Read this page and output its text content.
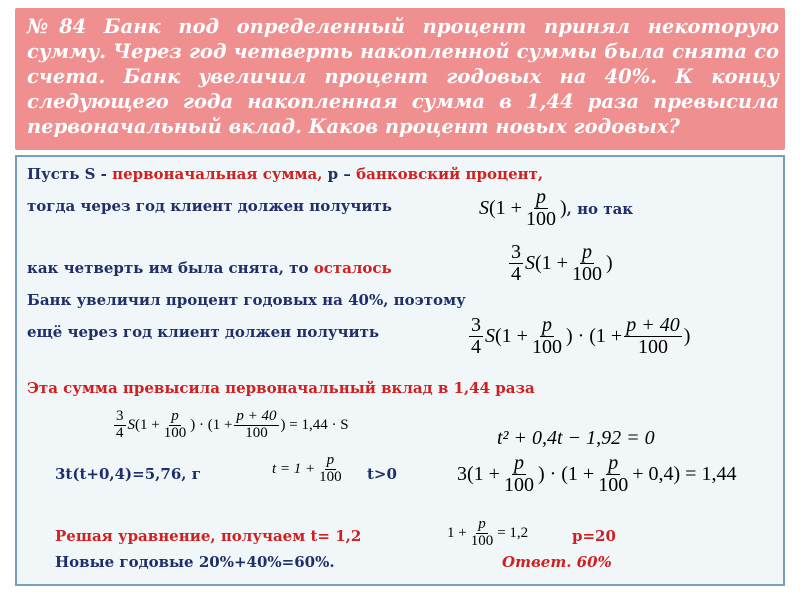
№84 Банк под определенный процент принял некоторую сумму. Через год четверть накопленной суммы была снята со счета. Банк увеличил процент годовых на 40%. К концу следующего года накопленная сумма в 1,44 раза превысила первоначальный вклад. Каков процент новых годовых?
Пусть S - первоначальная сумма, p – банковский процент,
тогда через год клиент должен получить	S ($1 + \frac{p}{100}$ ) , но так
как четверть им была снята, то осталось	$\frac{3}{4}$ S ($1 + \frac{p}{100}$ )
Банк увеличил процент годовых на 40%, поэтому
ещё через год клиент должен получить	$\frac{3}{4}$ S ($1 + \frac{p}{100}$ ) · ($1 + \frac{p + 40}{100}$ )
Эта сумма превысила первоначальный вклад в 1,44 раза
$\frac{3}{4}$ S ($1 + \frac{p}{100}$ ) · ($1 + \frac{p + 40}{100}$ ) = 1,44 · S
t² + 0,4t − 1,92 = 0
3t(t+0,4)=5,76, г	$t = 1 + \frac{p}{100} t>0$	$3(1 + \frac{p}{100}$ ) · $(1 + \frac{p}{100} + 0,4) = 1,44$
Решая уравнение, получаем t= 1,2	$1 + \frac{p}{100} = 1,2$	p=20
Новые годовые 20%+40%=60%.	Ответ. 60%
